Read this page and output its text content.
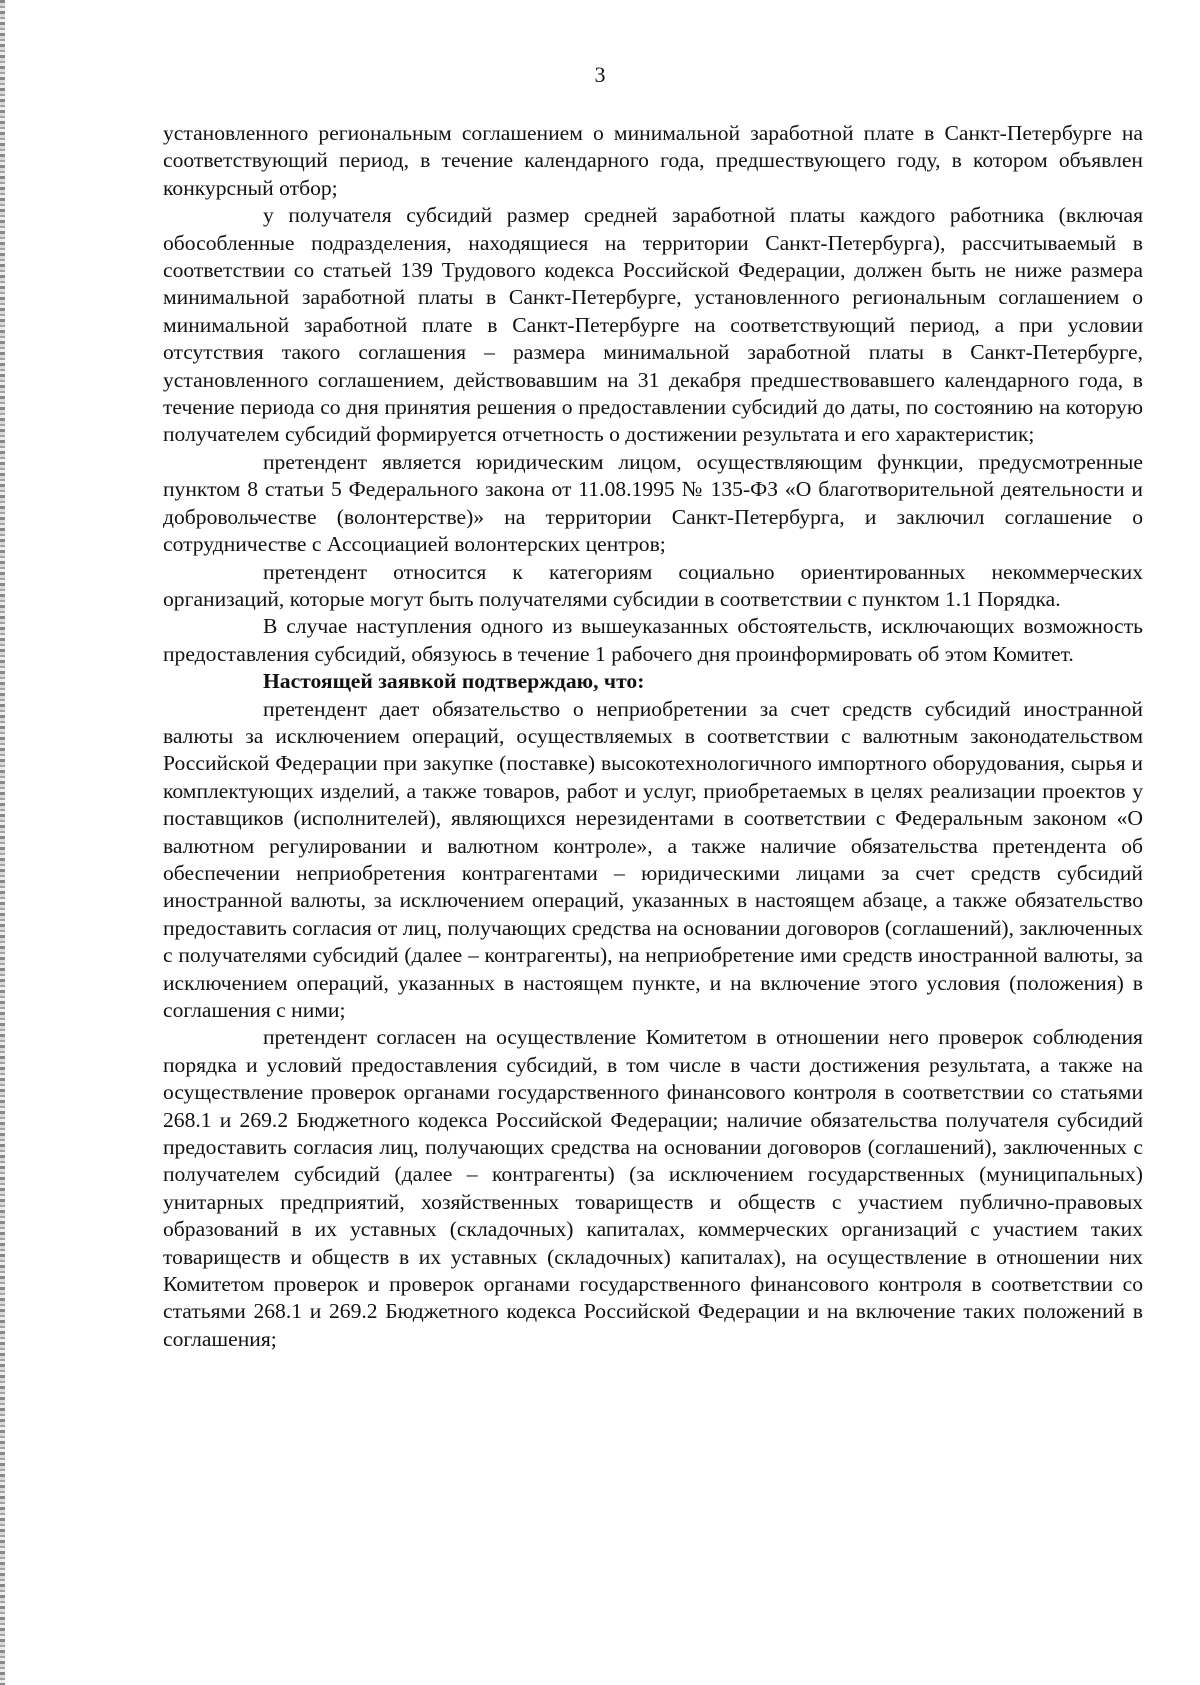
3

установленного региональным соглашением о минимальной заработной плате в Санкт-Петербурге на соответствующий период, в течение календарного года, предшествующего году, в котором объявлен конкурсный отбор;

у получателя субсидий размер средней заработной платы каждого работника (включая обособленные подразделения, находящиеся на территории Санкт-Петербурга), рассчитываемый в соответствии со статьей 139 Трудового кодекса Российской Федерации, должен быть не ниже размера минимальной заработной платы в Санкт-Петербурге, установленного региональным соглашением о минимальной заработной плате в Санкт-Петербурге на соответствующий период, а при условии отсутствия такого соглашения – размера минимальной заработной платы в Санкт-Петербурге, установленного соглашением, действовавшим на 31 декабря предшествовавшего календарного года, в течение периода со дня принятия решения о предоставлении субсидий до даты, по состоянию на которую получателем субсидий формируется отчетность о достижении результата и его характеристик;

претендент является юридическим лицом, осуществляющим функции, предусмотренные пунктом 8 статьи 5 Федерального закона от 11.08.1995 № 135-ФЗ «О благотворительной деятельности и добровольчестве (волонтерстве)» на территории Санкт-Петербурга, и заключил соглашение о сотрудничестве с Ассоциацией волонтерских центров;

претендент относится к категориям социально ориентированных некоммерческих организаций, которые могут быть получателями субсидии в соответствии с пунктом 1.1 Порядка.

В случае наступления одного из вышеуказанных обстоятельств, исключающих возможность предоставления субсидий, обязуюсь в течение 1 рабочего дня проинформировать об этом Комитет.

Настоящей заявкой подтверждаю, что:

претендент дает обязательство о неприобретении за счет средств субсидий иностранной валюты за исключением операций, осуществляемых в соответствии с валютным законодательством Российской Федерации при закупке (поставке) высокотехнологичного импортного оборудования, сырья и комплектующих изделий, а также товаров, работ и услуг, приобретаемых в целях реализации проектов у поставщиков (исполнителей), являющихся нерезидентами в соответствии с Федеральным законом «О валютном регулировании и валютном контроле», а также наличие обязательства претендента об обеспечении неприобретения контрагентами – юридическими лицами за счет средств субсидий иностранной валюты, за исключением операций, указанных в настоящем абзаце, а также обязательство предоставить согласия от лиц, получающих средства на основании договоров (соглашений), заключенных с получателями субсидий (далее – контрагенты), на неприобретение ими средств иностранной валюты, за исключением операций, указанных в настоящем пункте, и на включение этого условия (положения) в соглашения с ними;

претендент согласен на осуществление Комитетом в отношении него проверок соблюдения порядка и условий предоставления субсидий, в том числе в части достижения результата, а также на осуществление проверок органами государственного финансового контроля в соответствии со статьями 268.1 и 269.2 Бюджетного кодекса Российской Федерации; наличие обязательства получателя субсидий предоставить согласия лиц, получающих средства на основании договоров (соглашений), заключенных с получателем субсидий (далее – контрагенты) (за исключением государственных (муниципальных) унитарных предприятий, хозяйственных товариществ и обществ с участием публично-правовых образований в их уставных (складочных) капиталах, коммерческих организаций с участием таких товариществ и обществ в их уставных (складочных) капиталах), на осуществление в отношении них Комитетом проверок и проверок органами государственного финансового контроля в соответствии со статьями 268.1 и 269.2 Бюджетного кодекса Российской Федерации и на включение таких положений в соглашения;
